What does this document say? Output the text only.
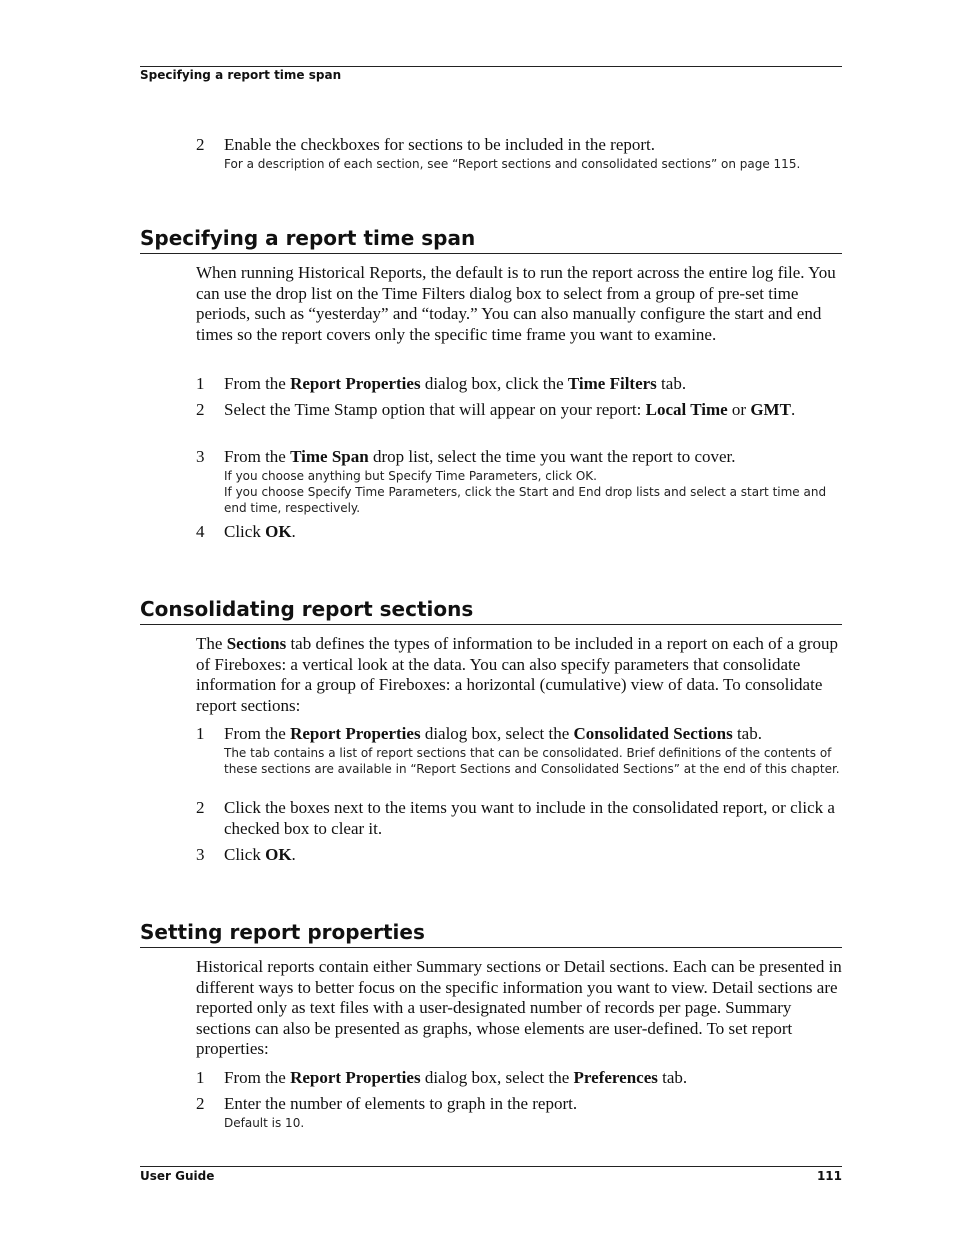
Specifying a report time span
2	Enable the checkboxes for sections to be included in the report.
For a description of each section, see “Report sections and consolidated sections” on page 115.
Specifying a report time span
When running Historical Reports, the default is to run the report across the entire log file. You can use the drop list on the Time Filters dialog box to select from a group of pre-set time periods, such as “yesterday” and “today.” You can also manually configure the start and end times so the report covers only the specific time frame you want to examine.
1	From the Report Properties dialog box, click the Time Filters tab.
2	Select the Time Stamp option that will appear on your report: Local Time or GMT.
3	From the Time Span drop list, select the time you want the report to cover.
If you choose anything but Specify Time Parameters, click OK.
If you choose Specify Time Parameters, click the Start and End drop lists and select a start time and end time, respectively.
4	Click OK.
Consolidating report sections
The Sections tab defines the types of information to be included in a report on each of a group of Fireboxes: a vertical look at the data. You can also specify parameters that consolidate information for a group of Fireboxes: a horizontal (cumulative) view of data. To consolidate report sections:
1	From the Report Properties dialog box, select the Consolidated Sections tab.
The tab contains a list of report sections that can be consolidated. Brief definitions of the contents of these sections are available in “Report Sections and Consolidated Sections” at the end of this chapter.
2	Click the boxes next to the items you want to include in the consolidated report, or click a checked box to clear it.
3	Click OK.
Setting report properties
Historical reports contain either Summary sections or Detail sections. Each can be presented in different ways to better focus on the specific information you want to view. Detail sections are reported only as text files with a user-designated number of records per page. Summary sections can also be presented as graphs, whose elements are user-defined. To set report properties:
1	From the Report Properties dialog box, select the Preferences tab.
2	Enter the number of elements to graph in the report.
Default is 10.
User Guide	111
